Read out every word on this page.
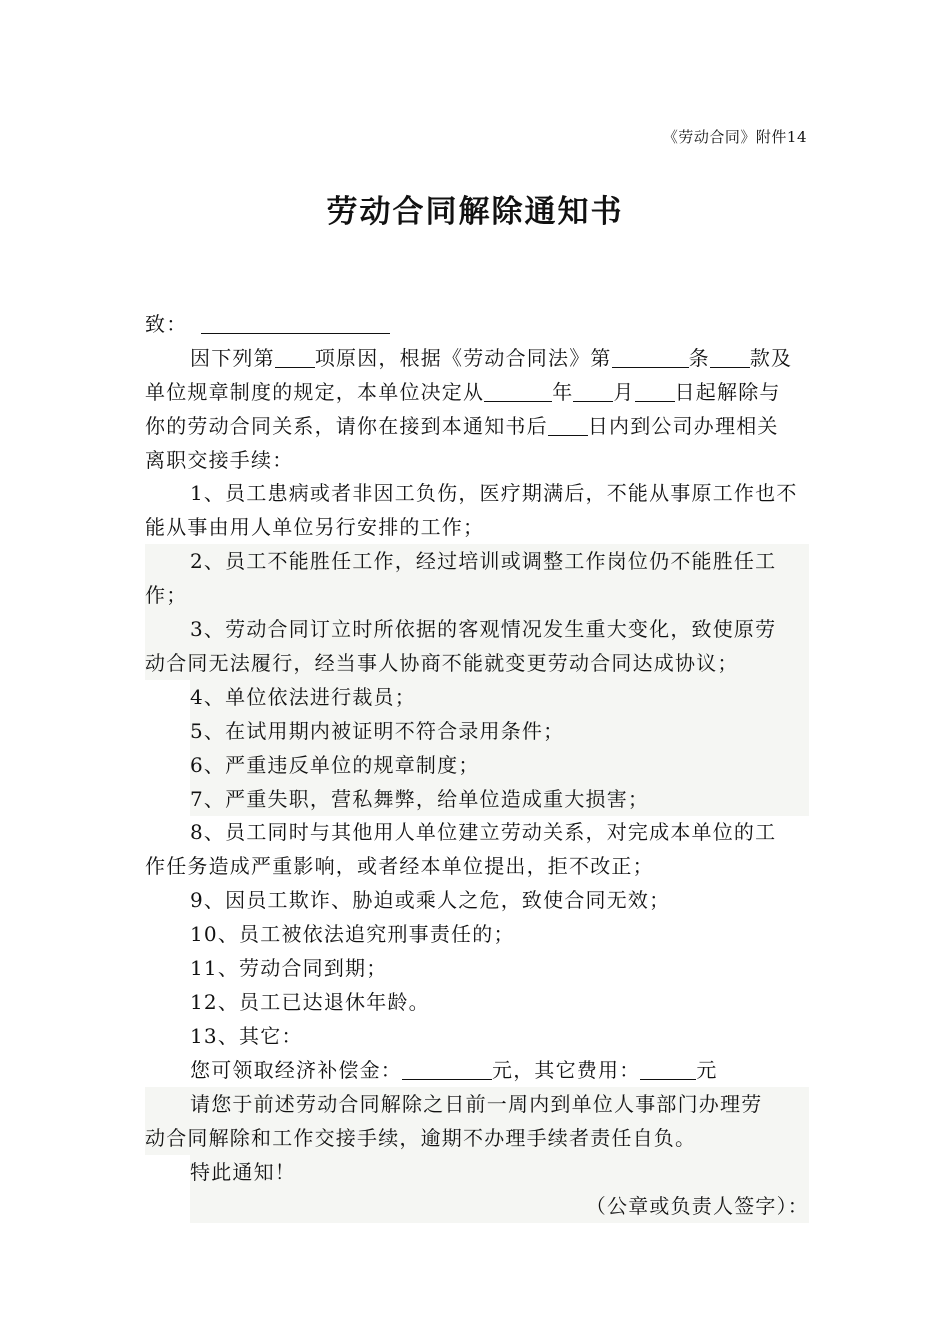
《劳动合同》附件14
劳动合同解除通知书
致：
因下列第 项原因，根据《劳动合同法》第	条 款及
单位规章制度的规定，本单位决定从	年 月 日起解除与
你的劳动合同关系，请你在接到本通知书后 日内到公司办理相关
离职交接手续：
1、员工患病或者非因工负伤，医疗期满后，不能从事原工作也不
能从事由用人单位另行安排的工作；
2、员工不能胜任工作，经过培训或调整工作岗位仍不能胜任工
作；
3、劳动合同订立时所依据的客观情况发生重大变化，致使原劳
动合同无法履行，经当事人协商不能就变更劳动合同达成协议；
4、单位依法进行裁员；
5、在试用期内被证明不符合录用条件；
6、严重违反单位的规章制度；
7、严重失职，营私舞弊，给单位造成重大损害；
8、员工同时与其他用人单位建立劳动关系，对完成本单位的工
作任务造成严重影响，或者经本单位提出，拒不改正；
9、因员工欺诈、胁迫或乘人之危，致使合同无效；
10、员工被依法追究刑事责任的；
11、劳动合同到期；
12、员工已达退休年龄。
13、其它：
您可领取经济补偿金：	元，其它费用：	元
请您于前述劳动合同解除之日前一周内到单位人事部门办理劳
动合同解除和工作交接手续，逾期不办理手续者责任自负。
特此通知！
（公章或负责人签字）：
